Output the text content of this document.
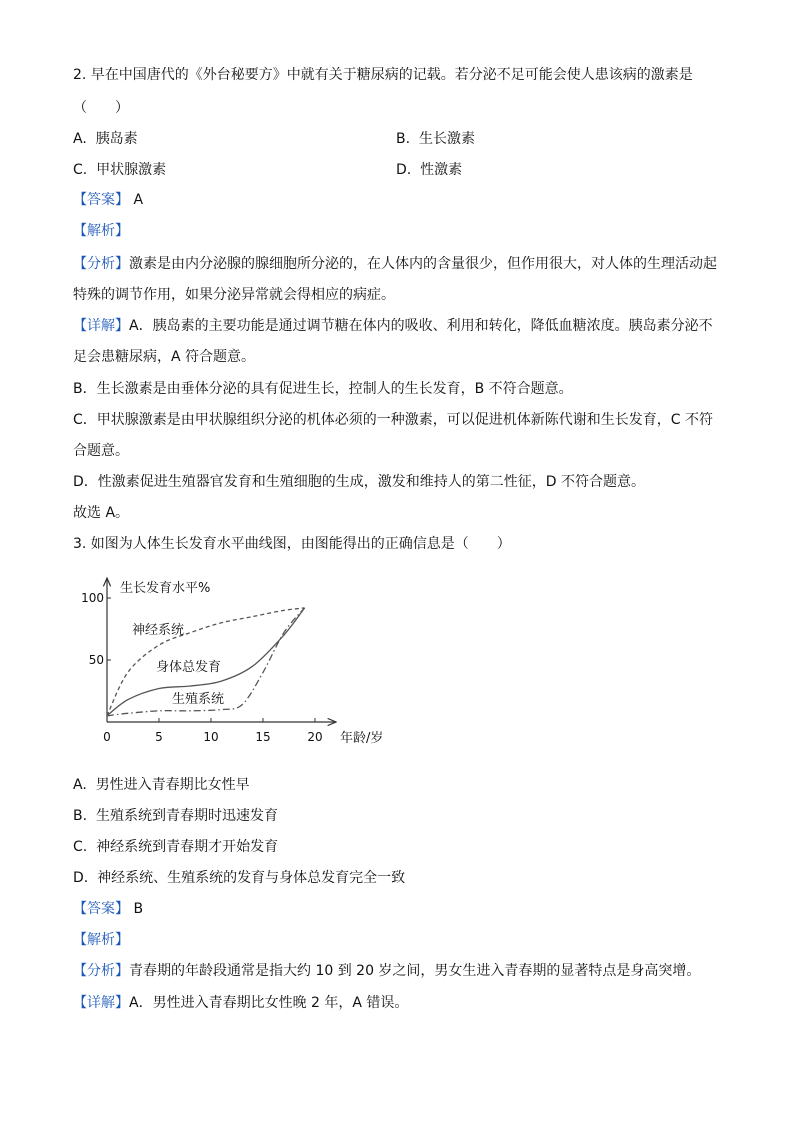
2. 早在中国唐代的《外台秘要方》中就有关于糖尿病的记载。若分泌不足可能会使人患该病的激素是
（　　）
A. 胰岛素	B. 生长激素
C. 甲状腺激素	D. 性激素
【答案】 A
【解析】
【分析】激素是由内分泌腺的腺细胞所分泌的，在人体内的含量很少，但作用很大，对人体的生理活动起
特殊的调节作用，如果分泌异常就会得相应的病症。
【详解】A．胰岛素的主要功能是通过调节糖在体内的吸收、利用和转化，降低血糖浓度。胰岛素分泌不
足会患糖尿病，A 符合题意。
B．生长激素是由垂体分泌的具有促进生长，控制人的生长发育，B 不符合题意。
C．甲状腺激素是由甲状腺组织分泌的机体必须的一种激素，可以促进机体新陈代谢和生长发育，C 不符
合题意。
D．性激素促进生殖器官发育和生殖细胞的生成，激发和维持人的第二性征，D 不符合题意。
故选 A。
3. 如图为人体生长发育水平曲线图，由图能得出的正确信息是（　　）
0	5	10	15	20
50
100
生长发育水平%
年龄/岁
神经系统
身体总发育
生殖系统
A. 男性进入青春期比女性早
B. 生殖系统到青春期时迅速发育
C. 神经系统到青春期才开始发育
D. 神经系统、生殖系统的发育与身体总发育完全一致
【答案】 B
【解析】
【分析】青春期的年龄段通常是指大约 10 到 20 岁之间，男女生进入青春期的显著特点是身高突增。
【详解】A．男性进入青春期比女性晚 2 年，A 错误。
